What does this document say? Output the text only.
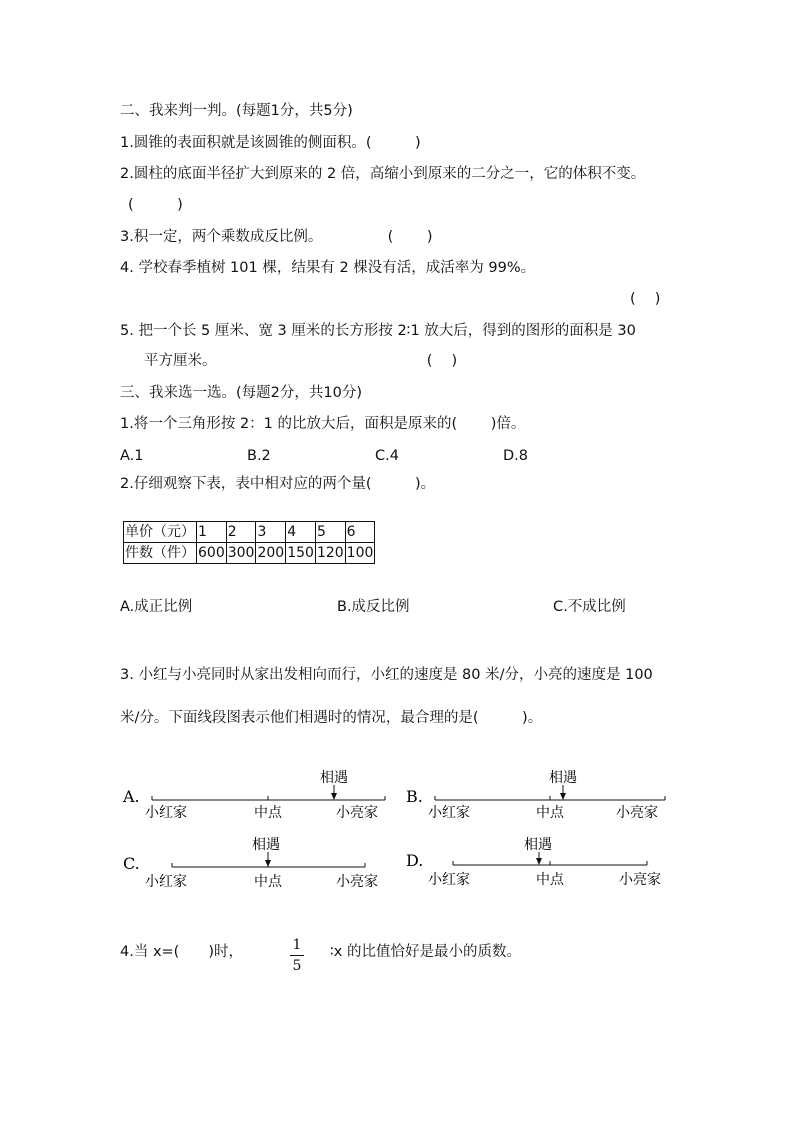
二、我来判一判。(每题1分，共5分)
1.圆锥的表面积就是该圆锥的侧面积。(　　　)
2.圆柱的底面半径扩大到原来的 2 倍，高缩小到原来的二分之一，它的体积不变。
(　　　)
3.积一定，两个乘数成反比例。　　　　　(　　 )
4. 学校春季植树 101 棵，结果有 2 棵没有活，成活率为 99%。
(　 )
5. 把一个长 5 厘米、宽 3 厘米的长方形按 2∶1 放大后，得到的图形的面积是 30
平方厘米。　　　　　　　　　　　　　　　(　 )
三、我来选一选。(每题2分，共10分)
1.将一个三角形按 2：1 的比放大后，面积是原来的(　　 )倍。
A.1	B.2	C.4	D.8
2.仔细观察下表，表中相对应的两个量(　　　)。
单价（元）	1	2	3	4	5	6
件数（件）	600	300	200	150	120	100
A.成正比例	B.成反比例	C.不成比例
3. 小红与小亮同时从家出发相向而行，小红的速度是 80 米/分，小亮的速度是 100
米/分。下面线段图表示他们相遇时的情况，最合理的是(　　　)。
A.
相遇
小红家	中点	小亮家
B.
相遇
小红家	中点	小亮家
C.
相遇
小红家	中点	小亮家
D.
相遇
小红家	中点	小亮家
4.当 x=(　　)时，	1
5
∶x 的比值恰好是最小的质数。
